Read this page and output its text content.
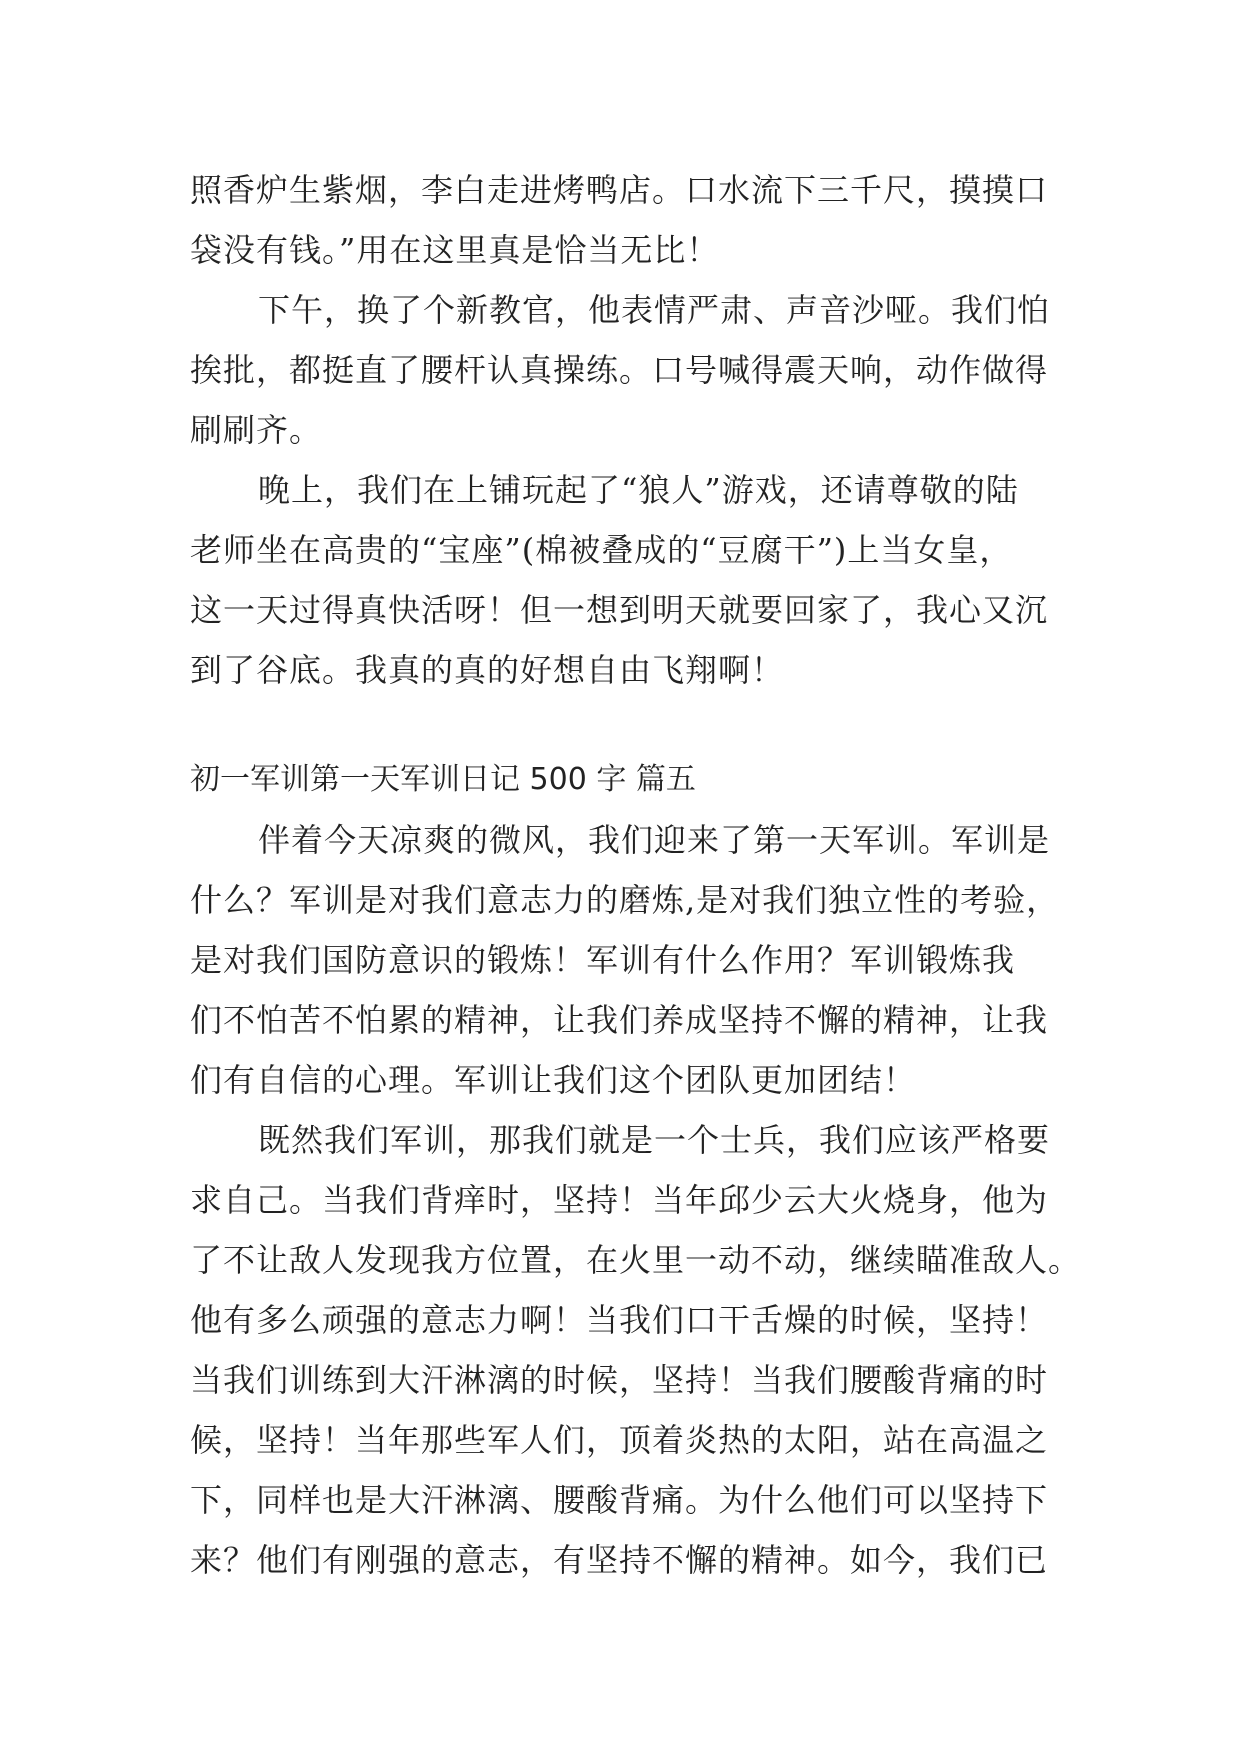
照香炉生紫烟，李白走进烤鸭店。口水流下三千尺，摸摸口
袋没有钱。”用在这里真是恰当无比！
下午，换了个新教官，他表情严肃、声音沙哑。我们怕
挨批，都挺直了腰杆认真操练。口号喊得震天响，动作做得
刷刷齐。
晚上，我们在上铺玩起了“狼人”游戏，还请尊敬的陆
老师坐在高贵的“宝座”(棉被叠成的“豆腐干”)上当女皇，
这一天过得真快活呀！但一想到明天就要回家了，我心又沉
到了谷底。我真的真的好想自由飞翔啊！
初一军训第一天军训日记 500 字 篇五
伴着今天凉爽的微风，我们迎来了第一天军训。军训是
什么？军训是对我们意志力的磨炼,是对我们独立性的考验，
是对我们国防意识的锻炼！军训有什么作用？军训锻炼我
们不怕苦不怕累的精神，让我们养成坚持不懈的精神，让我
们有自信的心理。军训让我们这个团队更加团结！
既然我们军训，那我们就是一个士兵，我们应该严格要
求自己。当我们背痒时，坚持！当年邱少云大火烧身，他为
了不让敌人发现我方位置，在火里一动不动，继续瞄准敌人。
他有多么顽强的意志力啊！当我们口干舌燥的时候，坚持！
当我们训练到大汗淋漓的时候，坚持！当我们腰酸背痛的时
候，坚持！当年那些军人们，顶着炎热的太阳，站在高温之
下，同样也是大汗淋漓、腰酸背痛。为什么他们可以坚持下
来？他们有刚强的意志，有坚持不懈的精神。如今，我们已
